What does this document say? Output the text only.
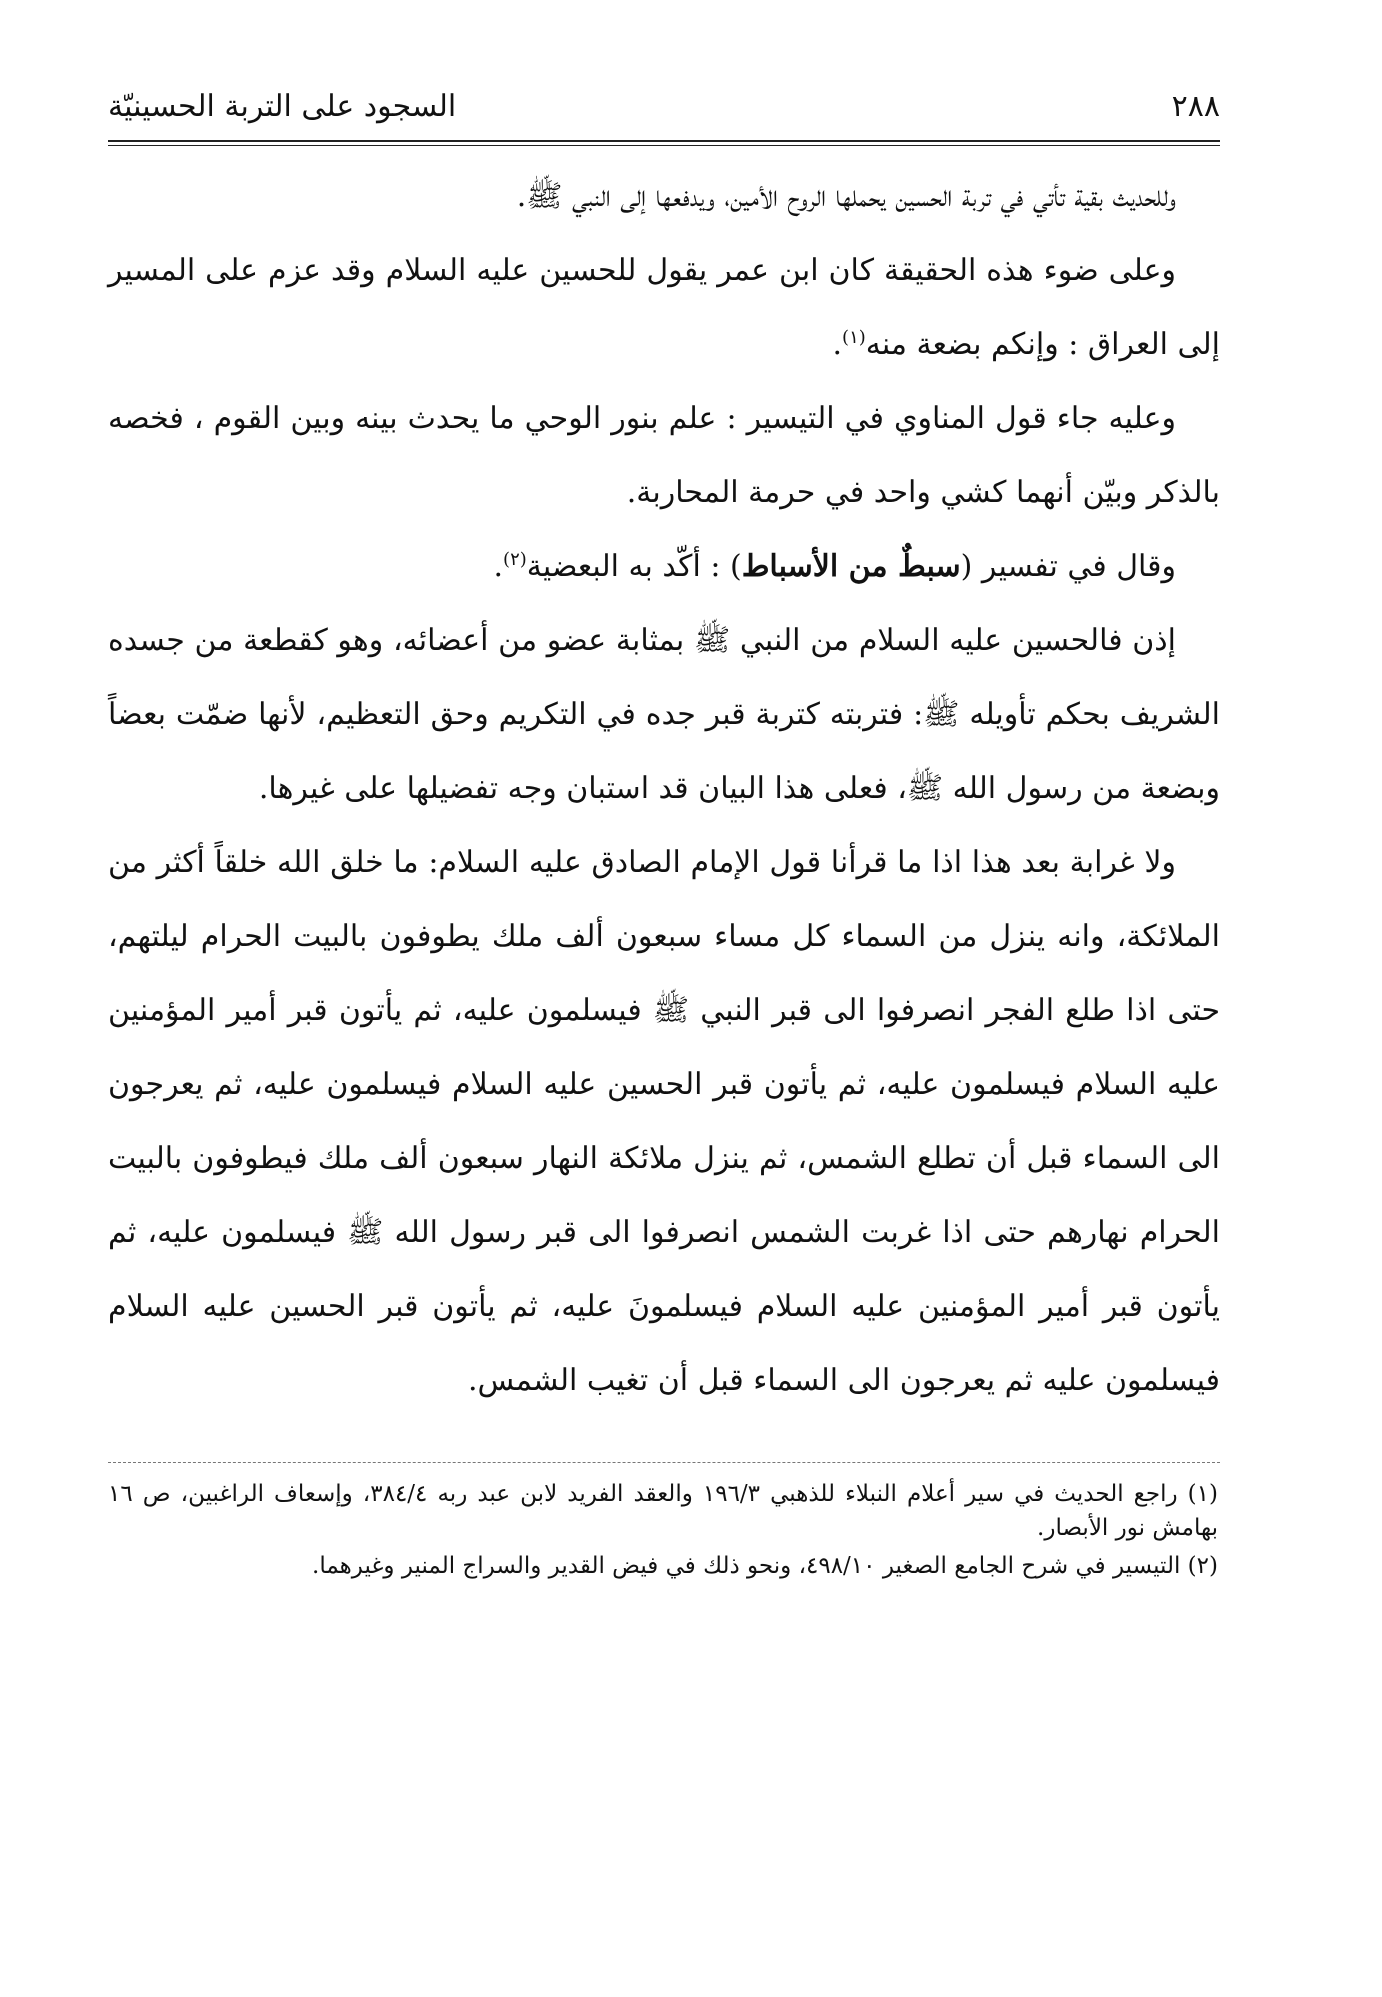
٢٨٨
السجود على التربة الحسينيّة

وللحديث بقية تأتي في تربة الحسين يحملها الروح الأمين، ويدفعها إلى النبي ﷺ.

وعلى ضوء هذه الحقيقة كان ابن عمر يقول للحسين عليه السلام وقد عزم على المسير إلى العراق : وإنكم بضعة منه$^{(١)}$.

وعليه جاء قول المناوي في التيسير : علم بنور الوحي ما يحدث بينه وبين القوم ، فخصه بالذكر وبيّن أنهما كشي واحد في حرمة المحاربة.

وقال في تفسير (سبطٌ من الأسباط) : أكّد به البعضية$^{(٢)}$.

إذن فالحسين عليه السلام من النبي ﷺ بمثابة عضو من أعضائه، وهو كقطعة من جسده الشريف بحكم تأويله ﷺ: فتربته كتربة قبر جده في التكريم وحق التعظيم، لأنها ضمّت بعضاً وبضعة من رسول الله ﷺ، فعلى هذا البيان قد استبان وجه تفضيلها على غيرها.

ولا غرابة بعد هذا اذا ما قرأنا قول الإمام الصادق عليه السلام: ما خلق الله خلقاً أكثر من الملائكة، وانه ينزل من السماء كل مساء سبعون ألف ملك يطوفون بالبيت الحرام ليلتهم، حتى اذا طلع الفجر انصرفوا الى قبر النبي ﷺ فيسلمون عليه، ثم يأتون قبر أمير المؤمنين عليه السلام فيسلمون عليه، ثم يأتون قبر الحسين عليه السلام فيسلمون عليه، ثم يعرجون الى السماء قبل أن تطلع الشمس، ثم ينزل ملائكة النهار سبعون ألف ملك فيطوفون بالبيت الحرام نهارهم حتى اذا غربت الشمس انصرفوا الى قبر رسول الله ﷺ فيسلمون عليه، ثم يأتون قبر أمير المؤمنين عليه السلام فيسلمونَ عليه، ثم يأتون قبر الحسين عليه السلام فيسلمون عليه ثم يعرجون الى السماء قبل أن تغيب الشمس.

(١) راجع الحديث في سير أعلام النبلاء للذهبي ١٩٦/٣ والعقد الفريد لابن عبد ربه ٣٨٤/٤، وإسعاف الراغبين، ص ١٦ بهامش نور الأبصار.

(٢) التيسير في شرح الجامع الصغير ٤٩٨/١٠، ونحو ذلك في فيض القدير والسراج المنير وغيرهما.
